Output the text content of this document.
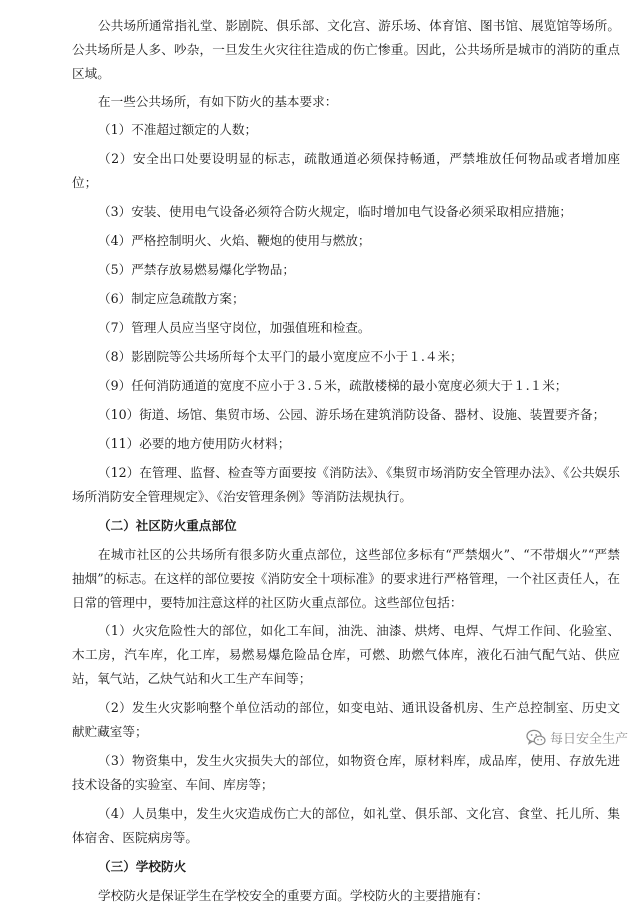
公共场所通常指礼堂、影剧院、俱乐部、文化宫、游乐场、体育馆、图书馆、展览馆等场所。公共场所是人多、吵杂，一旦发生火灾往往造成的伤亡惨重。因此，公共场所是城市的消防的重点区域。

在一些公共场所，有如下防火的基本要求：

（1）不准超过额定的人数；

（2）安全出口处要设明显的标志，疏散通道必须保持畅通，严禁堆放任何物品或者增加座位；

（3）安装、使用电气设备必须符合防火规定，临时增加电气设备必须采取相应措施；

（4）严格控制明火、火焰、鞭炮的使用与燃放；

（5）严禁存放易燃易爆化学物品；

（6）制定应急疏散方案；

（7）管理人员应当坚守岗位，加强值班和检查。

（8）影剧院等公共场所每个太平门的最小宽度应不小于１.４米；

（9）任何消防通道的宽度不应小于３.５米，疏散楼梯的最小宽度必须大于１.１米；

（10）街道、场馆、集贸市场、公园、游乐场在建筑消防设备、器材、设施、装置要齐备；

（11）必要的地方使用防火材料；

（12）在管理、监督、检查等方面要按《消防法》、《集贸市场消防安全管理办法》、《公共娱乐场所消防安全管理规定》、《治安管理条例》等消防法规执行。

（二）社区防火重点部位

在城市社区的公共场所有很多防火重点部位，这些部位多标有“严禁烟火”、“不带烟火”“严禁抽烟”的标志。在这样的部位要按《消防安全十项标准》的要求进行严格管理，一个社区责任人，在日常的管理中，要特加注意这样的社区防火重点部位。这些部位包括：

（1）火灾危险性大的部位，如化工车间，油洗、油漆、烘烤、电焊、气焊工作间、化验室、木工房，汽车库，化工库，易燃易爆危险品仓库，可燃、助燃气体库，液化石油气配气站、供应站，氧气站，乙炔气站和火工生产车间等；

（2）发生火灾影响整个单位活动的部位，如变电站、通讯设备机房、生产总控制室、历史文献贮藏室等；

（3）物资集中，发生火灾损失大的部位，如物资仓库，原材料库，成品库，使用、存放先进技术设备的实验室、车间、库房等；

（4）人员集中，发生火灾造成伤亡大的部位，如礼堂、俱乐部、文化宫、食堂、托儿所、集体宿舍、医院病房等。

（三）学校防火

学校防火是保证学生在学校安全的重要方面。学校防火的主要措施有：

每日安全生产
